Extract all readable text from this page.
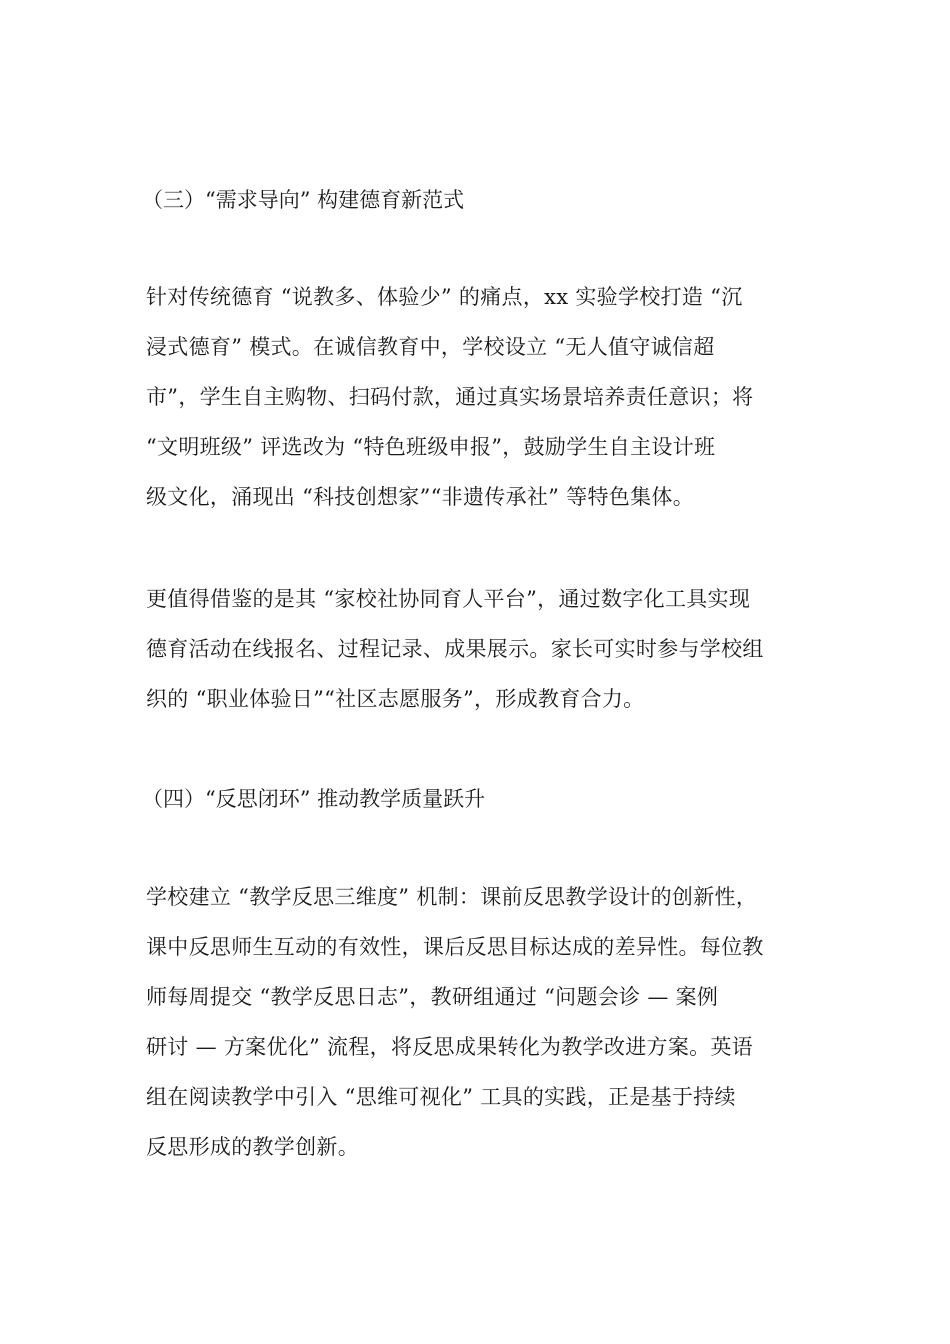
（三）“需求导向” 构建德育新范式
针对传统德育 “说教多、体验少” 的痛点，xx 实验学校打造 “沉
浸式德育” 模式。在诚信教育中，学校设立 “无人值守诚信超
市”，学生自主购物、扫码付款，通过真实场景培养责任意识；将
“文明班级” 评选改为 “特色班级申报”，鼓励学生自主设计班
级文化，涌现出 “科技创想家”“非遗传承社” 等特色集体。
更值得借鉴的是其 “家校社协同育人平台”，通过数字化工具实现
德育活动在线报名、过程记录、成果展示。家长可实时参与学校组
织的 “职业体验日”“社区志愿服务”，形成教育合力。
（四）“反思闭环” 推动教学质量跃升
学校建立 “教学反思三维度” 机制：课前反思教学设计的创新性，
课中反思师生互动的有效性，课后反思目标达成的差异性。每位教
师每周提交 “教学反思日志”，教研组通过 “问题会诊 — 案例
研讨 — 方案优化” 流程，将反思成果转化为教学改进方案。英语
组在阅读教学中引入 “思维可视化” 工具的实践，正是基于持续
反思形成的教学创新。
